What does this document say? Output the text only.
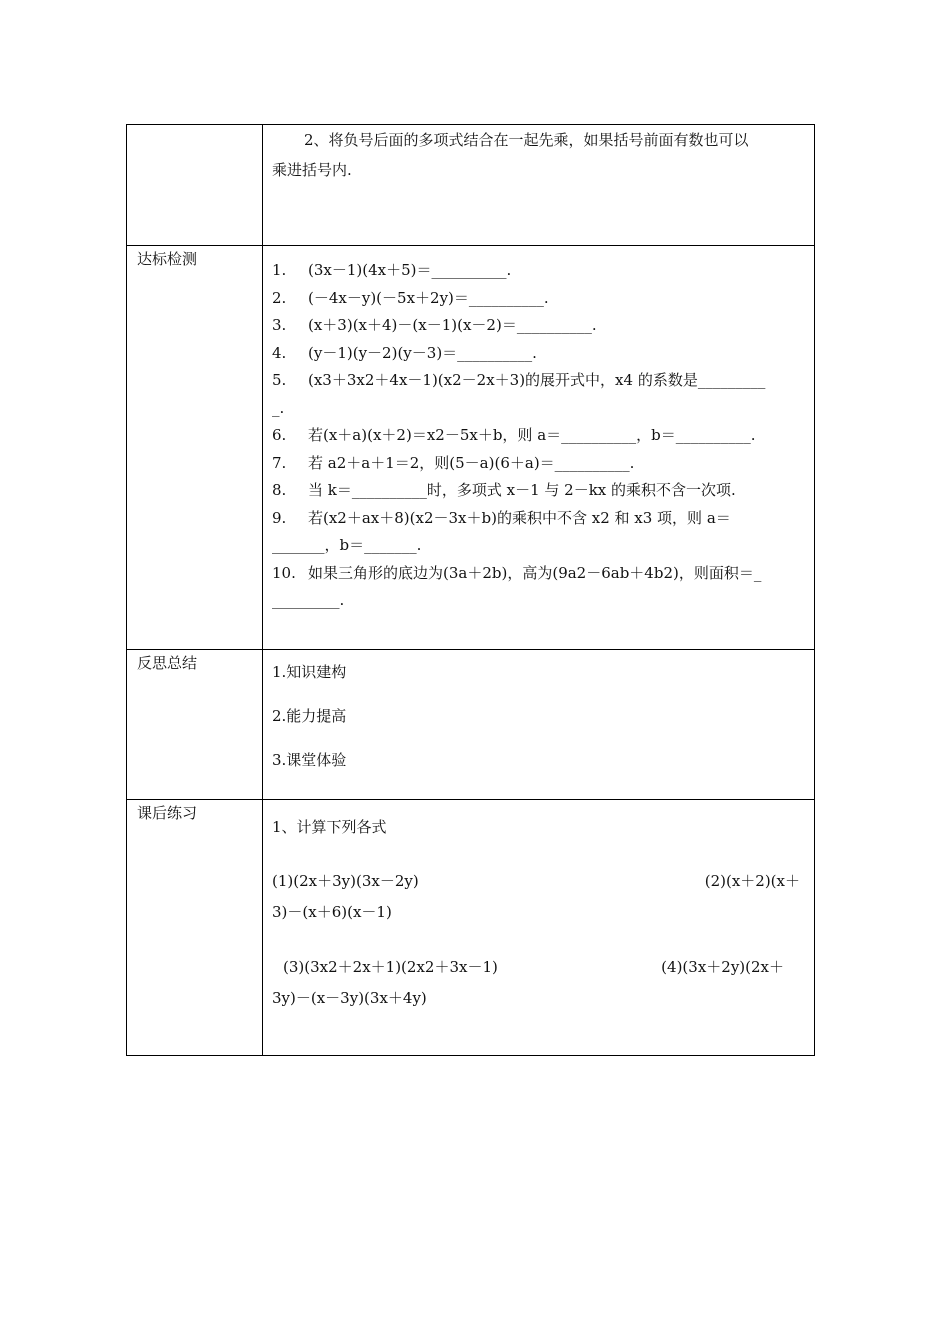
2、将负号后面的多项式结合在一起先乘，如果括号前面有数也可以
乘进括号内.
达标检测
1. (3x－1)(4x＋5)＝__________.
2. (－4x－y)(－5x＋2y)＝__________.
3. (x＋3)(x＋4)－(x－1)(x－2)＝__________.
4. (y－1)(y－2)(y－3)＝__________.
5. (x3＋3x2＋4x－1)(x2－2x＋3)的展开式中，x4 的系数是_________
_.
6. 若(x＋a)(x＋2)＝x2－5x＋b，则 a＝__________，b＝__________.
7. 若 a2＋a＋1＝2，则(5－a)(6＋a)＝__________.
8. 当 k＝__________时，多项式 x－1 与 2－kx 的乘积不含一次项.
9. 若(x2＋ax＋8)(x2－3x＋b)的乘积中不含 x2 和 x3 项，则 a＝
_______，b＝_______.
10. 如果三角形的底边为(3a＋2b)，高为(9a2－6ab＋4b2)，则面积＝_
_________.
反思总结	1.知识建构
2.能力提高
3.课堂体验
课后练习
1、计算下列各式
(1)(2x＋3y)(3x－2y)	(2)(x＋2)(x＋
3)－(x＋6)(x－1)
(3)(3x2＋2x＋1)(2x2＋3x－1)	(4)(3x＋2y)(2x＋
3y)－(x－3y)(3x＋4y)
